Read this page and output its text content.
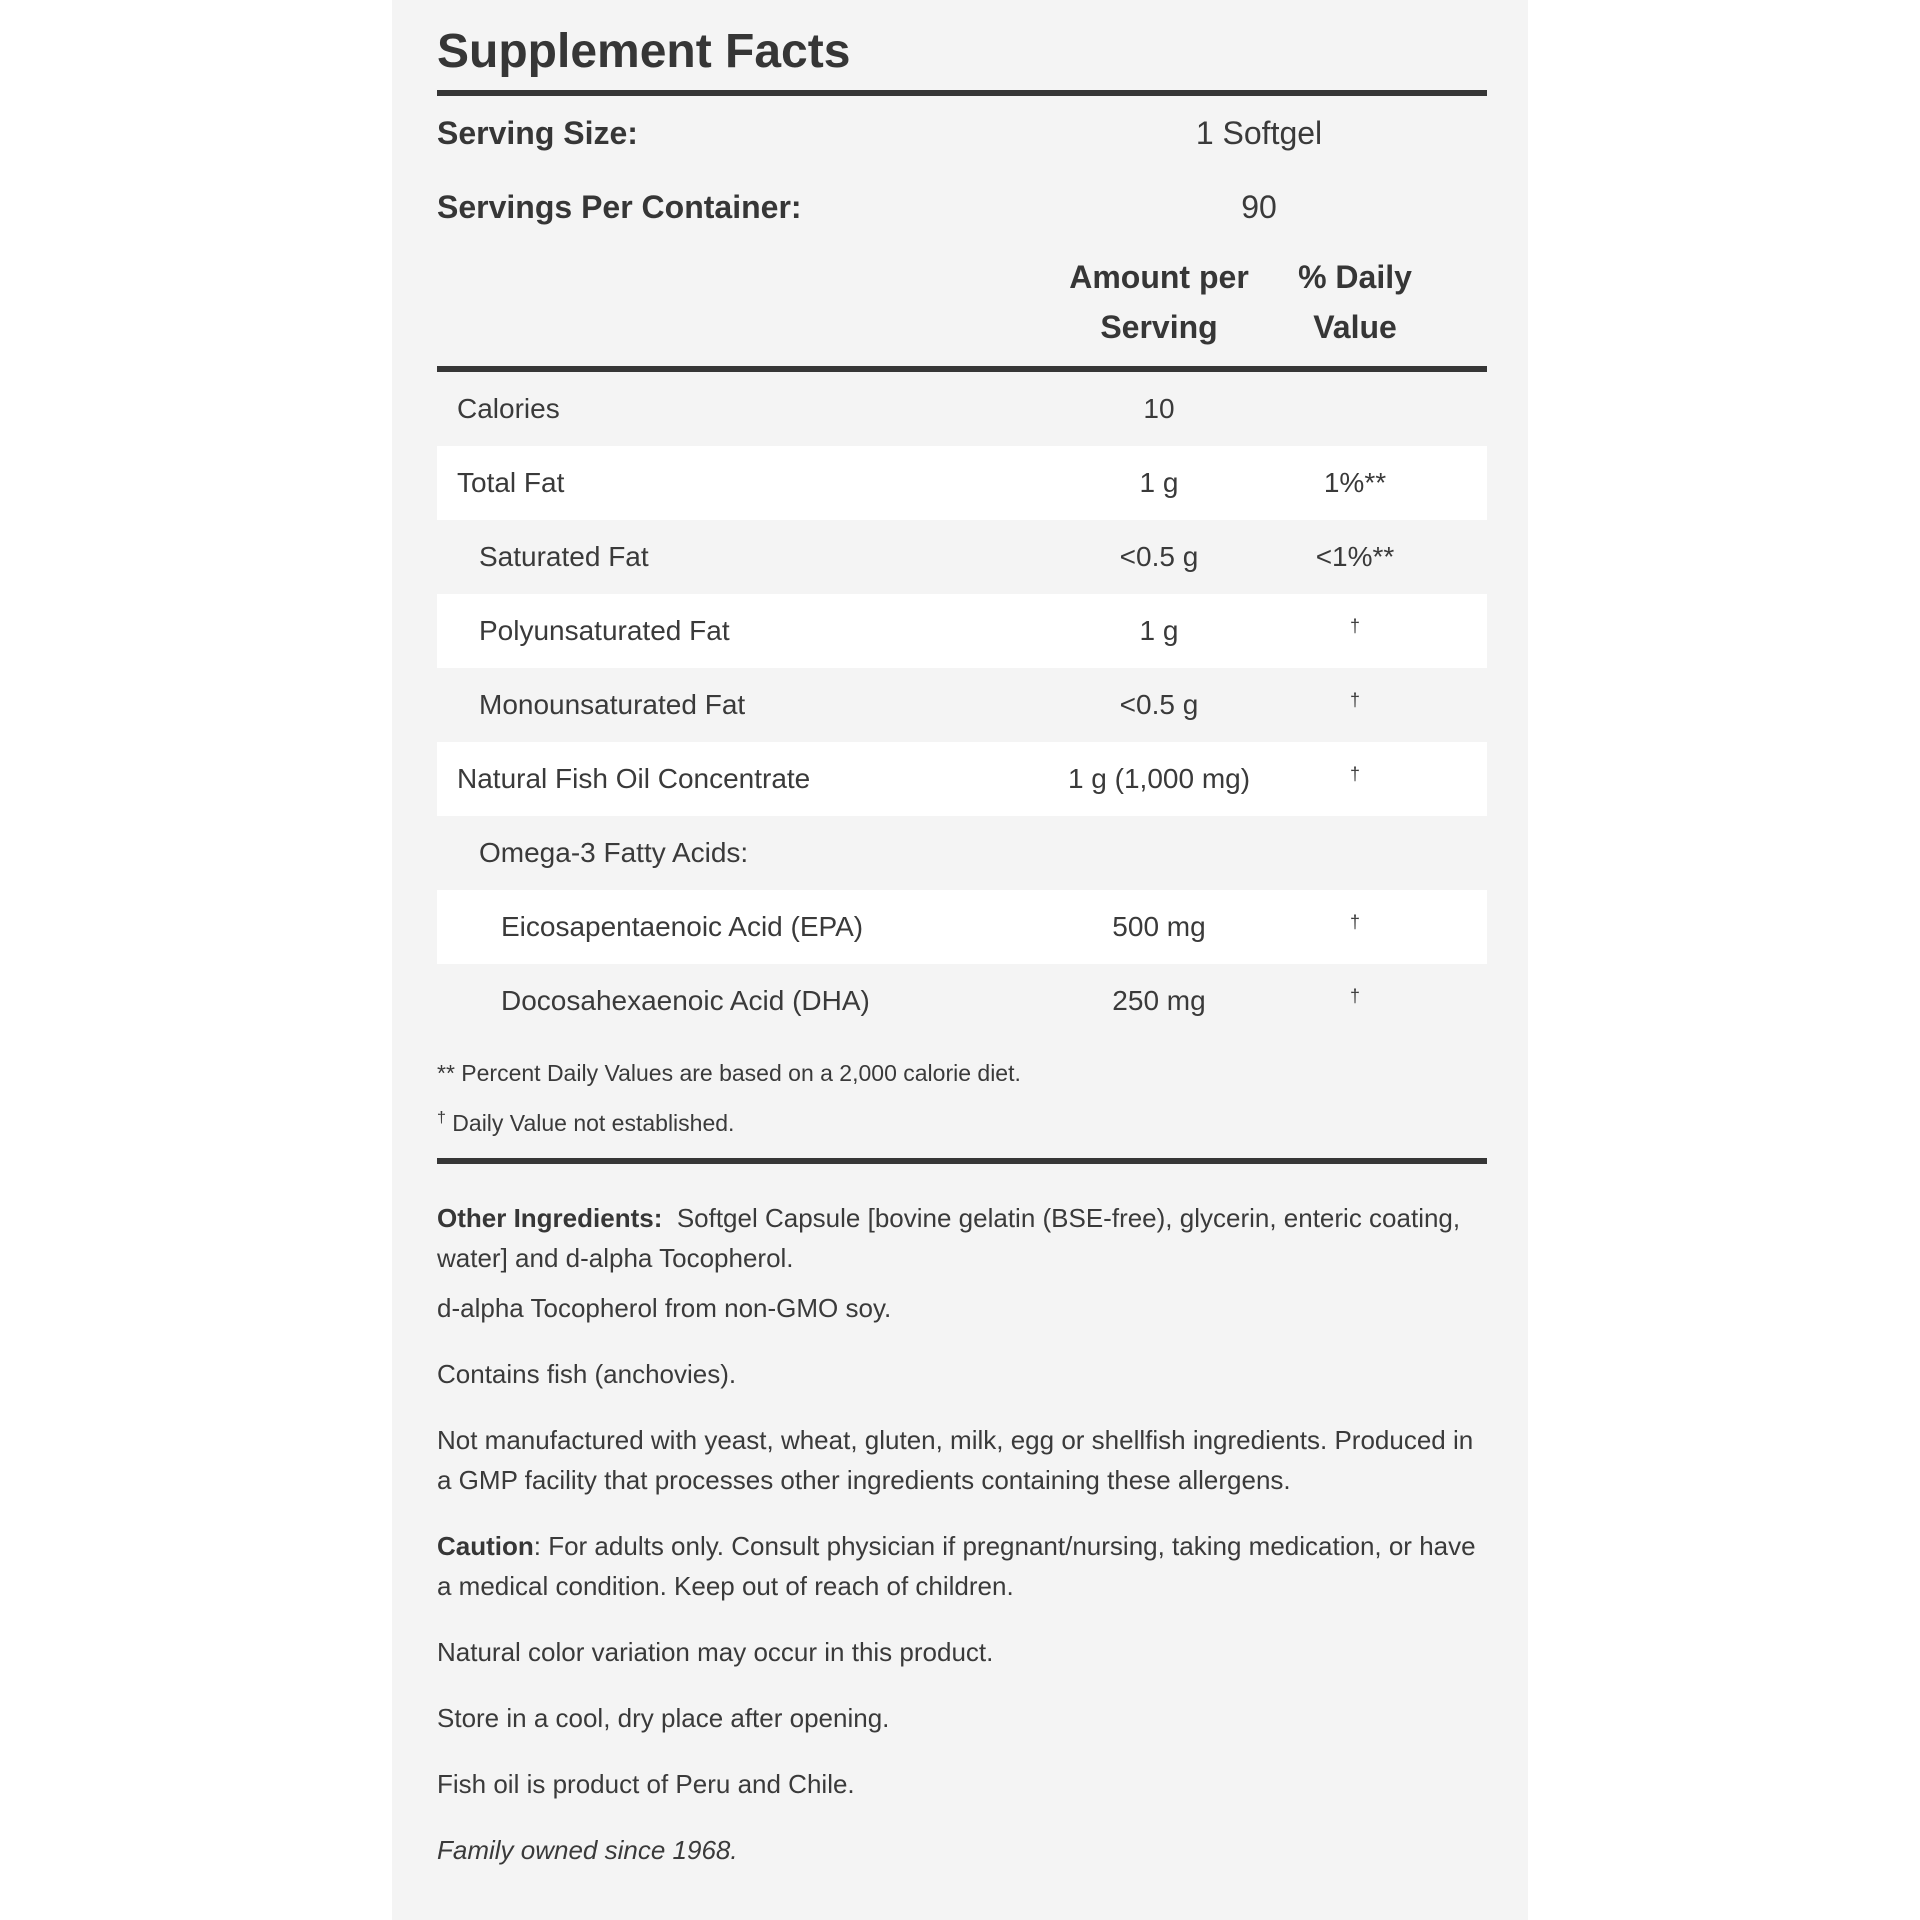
Supplement Facts
Serving Size:	1 Softgel
Servings Per Container:	90
Amount per
Serving
% Daily
Value
Calories	10
Total Fat	1 g	1%**
Saturated Fat	<0.5 g	<1%**
Polyunsaturated Fat	1 g	†
Monounsaturated Fat	<0.5 g	†
Natural Fish Oil Concentrate	1 g (1,000 mg)	†
Omega-3 Fatty Acids:
Eicosapentaenoic Acid (EPA)	500 mg	†
Docosahexaenoic Acid (DHA)	250 mg	†
** Percent Daily Values are based on a 2,000 calorie diet.
† Daily Value not established.

Other Ingredients: Softgel Capsule [bovine gelatin (BSE-free), glycerin, enteric coating, water] and d-alpha Tocopherol.

d-alpha Tocopherol from non-GMO soy.

Contains fish (anchovies).

Not manufactured with yeast, wheat, gluten, milk, egg or shellfish ingredients. Produced in a GMP facility that processes other ingredients containing these allergens.

Caution: For adults only. Consult physician if pregnant/nursing, taking medication, or have a medical condition. Keep out of reach of children.

Natural color variation may occur in this product.

Store in a cool, dry place after opening.

Fish oil is product of Peru and Chile.

Family owned since 1968.
